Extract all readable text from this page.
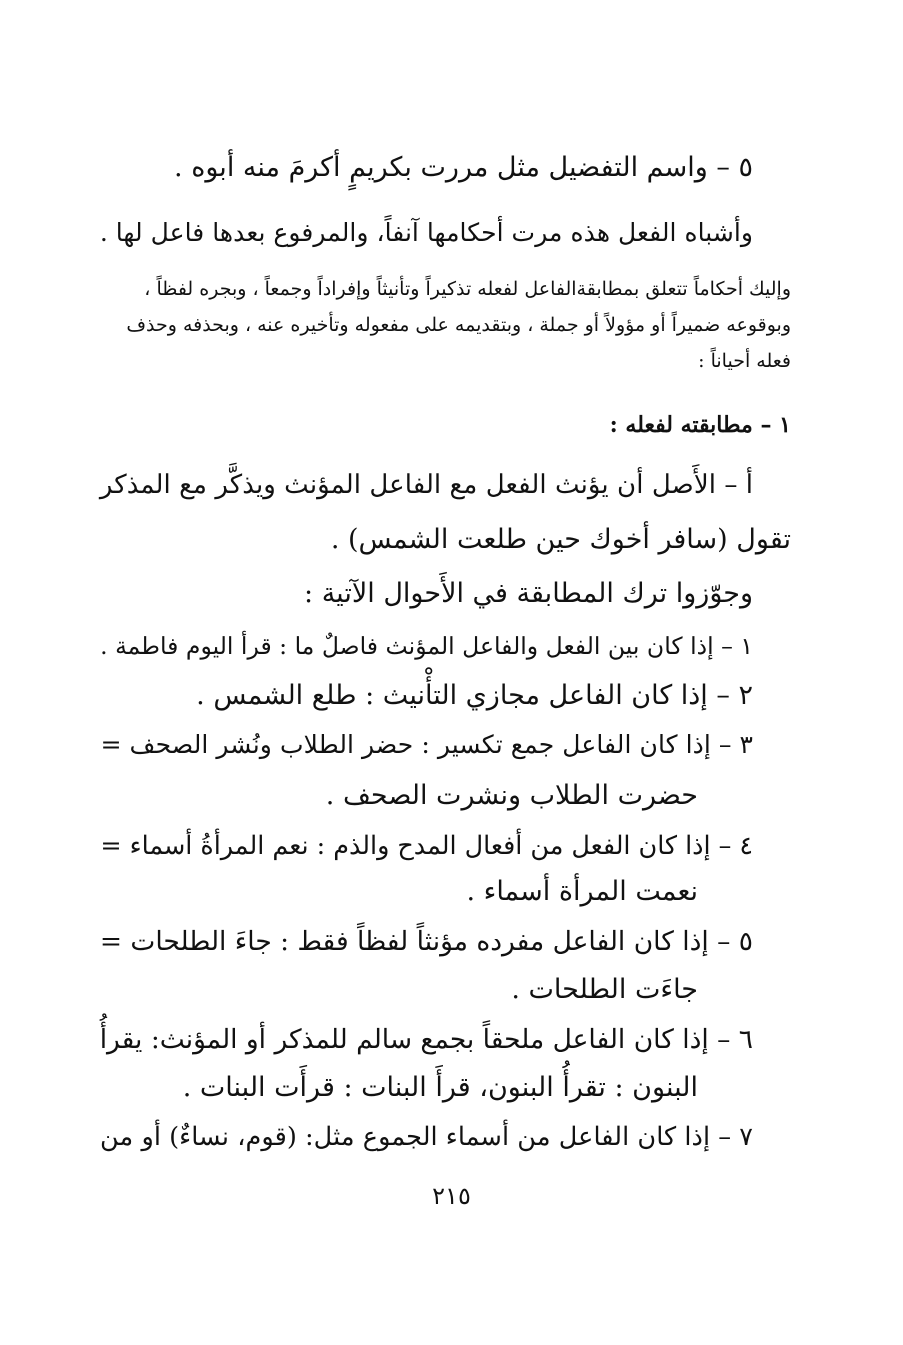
٥ – واسم التفضيل مثل مررت بكريمٍ أكرمَ منه أبوه .
وأشباه الفعل هذه مرت أحكامها آنفاً، والمرفوع بعدها فاعل لها .
وإليك أحكاماً تتعلق بمطابقةالفاعل لفعله تذكيراً وتأنيثاً وإفراداً وجمعاً ، وبجره لفظاً ،
وبوقوعه ضميراً أو مؤولاً أو جملة ، وبتقديمه على مفعوله وتأخيره عنه ، وبحذفه وحذف
فعله أحياناً :
١ – مطابقته لفعله :
أ – الأَصل أن يؤنث الفعل مع الفاعل المؤنث ويذكَّر مع المذكر
تقول (سافر أخوك حين طلعت الشمس) .
وجوّزوا ترك المطابقة في الأَحوال الآتية :
١ – إذا كان بين الفعل والفاعل المؤنث فاصلٌ ما : قرأ اليوم فاطمة .
٢ – إذا كان الفاعل مجازي التأْنيث : طلع الشمس .
٣ – إذا كان الفاعل جمع تكسير : حضر الطلاب ونُشر الصحف =
حضرت الطلاب ونشرت الصحف .
٤ – إذا كان الفعل من أفعال المدح والذم : نعم المرأةُ أسماء =
نعمت المرأة أسماء .
٥ – إذا كان الفاعل مفرده مؤنثاً لفظاً فقط : جاءَ الطلحات =
جاءَت الطلحات .
٦ – إذا كان الفاعل ملحقاً بجمع سالم للمذكر أو المؤنث: يقرأُ
البنون : تقرأُ البنون، قرأَ البنات : قرأَت البنات .
٧ – إذا كان الفاعل من أسماء الجموع مثل: (قوم، نساءٌ) أو من
٢١٥
